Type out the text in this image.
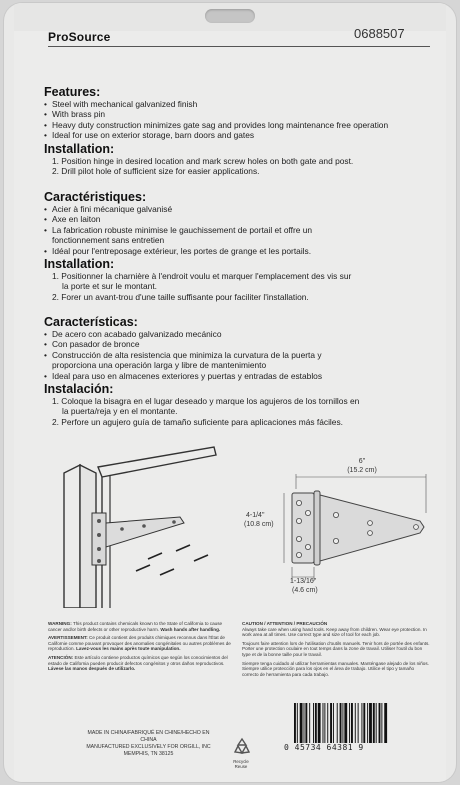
ProSource	0688507

Features:

• Steel with mechanical galvanized finish
• With brass pin
• Heavy duty construction minimizes gate sag and provides long maintenance free operation
• Ideal for use on exterior storage, barn doors and gates

Installation:

1. Position hinge in desired location and mark screw holes on both gate and post.
2. Drill pilot hole of sufficient size for easier applications.

Caractéristiques:

• Acier à fini mécanique galvanisé
• Axe en laiton
• La fabrication robuste minimise le gauchissement de portail et offre un
fonctionnement sans entretien
• Idéal pour l'entreposage extérieur, les portes de grange et les portails.

Installation:

1. Positionner la charnière à l'endroit voulu et marquer l'emplacement des vis sur
la porte et sur le montant.
2. Forer un avant-trou d'une taille suffisante pour faciliter l'installation.

Características:

• De acero con acabado galvanizado mecánico
• Con pasador de bronce
• Construcción de alta resistencia que minimiza la curvatura de la puerta y
proporciona una operación larga y libre de mantenimiento
• Ideal para uso en almacenes exteriores y puertas y entradas de establos

Instalación:

1. Coloque la bisagra en el lugar deseado y marque los agujeros de los tornillos en
la puerta/reja y en el montante.
2. Perfore un agujero guía de tamaño suficiente para aplicaciones más fáciles.
6"
(15.2 cm)
4-1/4"
(10.8 cm)
1-13/16"
(4.6 cm)
WARNING: This product contains chemicals known to the State of California to cause cancer and/or birth defects or other reproductive harm. Wash hands after handling.
AVERTISSEMENT: Ce produit contient des produits chimiques reconnus dans l'État de Californie comme pouvant provoquer des anomalies congénitales ou autres problèmes de reproduction. Lavez-vous les mains après toute manipulation.
ATENCIÓN: Este artículo contiene productos químicos que según los conocimientos del estado de California pueden producir defectos congénitos y otros daños reproductivos. Lávese las manos después de utilizarlo.
CAUTION / ATTENTION / PRECAUCIÓN
Always take care when using hand tools. Keep away from children. Wear eye protection. In work area at all times. Use correct type and size of tool for each job.
Toujours faire attention lors de l'utilisation d'outils manuels. Tenir hors de portée des enfants. Porter une protection oculaire en tout temps dans la zone de travail. Utiliser l'outil du bon type et de la bonne taille pour le travail.
Siempre tenga cuidado al utilizar herramientas manuales. Manténgase alejado de los niños. Siempre utilice protección para los ojos en el área de trabajo. Utilice el tipo y tamaño correcto de herramienta para cada trabajo.
MADE IN CHINA/FABRIQUÉ EN CHINE/HECHO EN CHINA
MANUFACTURED EXCLUSIVELY FOR ORGILL, INC
MEMPHIS, TN 38125
Recycle
Reuse
0 45734 64381 9
